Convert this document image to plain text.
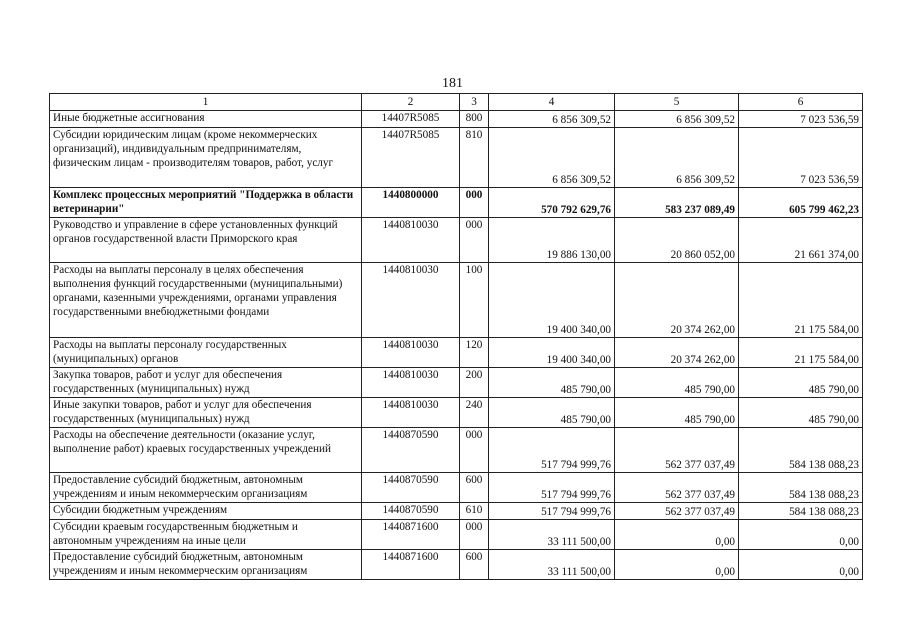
181
1	2	3	4	5	6
Иные бюджетные ассигнования	14407R5085	800	6 856 309,52	6 856 309,52	7 023 536,59
Субсидии юридическим лицам (кроме некоммерческих организаций), индивидуальным предпринимателям, физическим лицам - производителям товаров, работ, услуг	14407R5085	810	6 856 309,52	6 856 309,52	7 023 536,59
Комплекс процессных мероприятий "Поддержка в области ветеринарии"	1440800000	000	570 792 629,76	583 237 089,49	605 799 462,23
Руководство и управление в сфере установленных функций органов государственной власти Приморского края	1440810030	000	19 886 130,00	20 860 052,00	21 661 374,00
Расходы на выплаты персоналу в целях обеспечения выполнения функций государственными (муниципальными) органами, казенными учреждениями, органами управления государственными внебюджетными фондами	1440810030	100	19 400 340,00	20 374 262,00	21 175 584,00
Расходы на выплаты персоналу государственных (муниципальных) органов	1440810030	120	19 400 340,00	20 374 262,00	21 175 584,00
Закупка товаров, работ и услуг для обеспечения государственных (муниципальных) нужд	1440810030	200	485 790,00	485 790,00	485 790,00
Иные закупки товаров, работ и услуг для обеспечения государственных (муниципальных) нужд	1440810030	240	485 790,00	485 790,00	485 790,00
Расходы на обеспечение деятельности (оказание услуг, выполнение работ) краевых государственных учреждений	1440870590	000	517 794 999,76	562 377 037,49	584 138 088,23
Предоставление субсидий бюджетным, автономным учреждениям и иным некоммерческим организациям	1440870590	600	517 794 999,76	562 377 037,49	584 138 088,23
Субсидии бюджетным учреждениям	1440870590	610	517 794 999,76	562 377 037,49	584 138 088,23
Субсидии краевым государственным бюджетным и автономным учреждениям на иные цели	1440871600	000	33 111 500,00	0,00	0,00
Предоставление субсидий бюджетным, автономным учреждениям и иным некоммерческим организациям	1440871600	600	33 111 500,00	0,00	0,00
